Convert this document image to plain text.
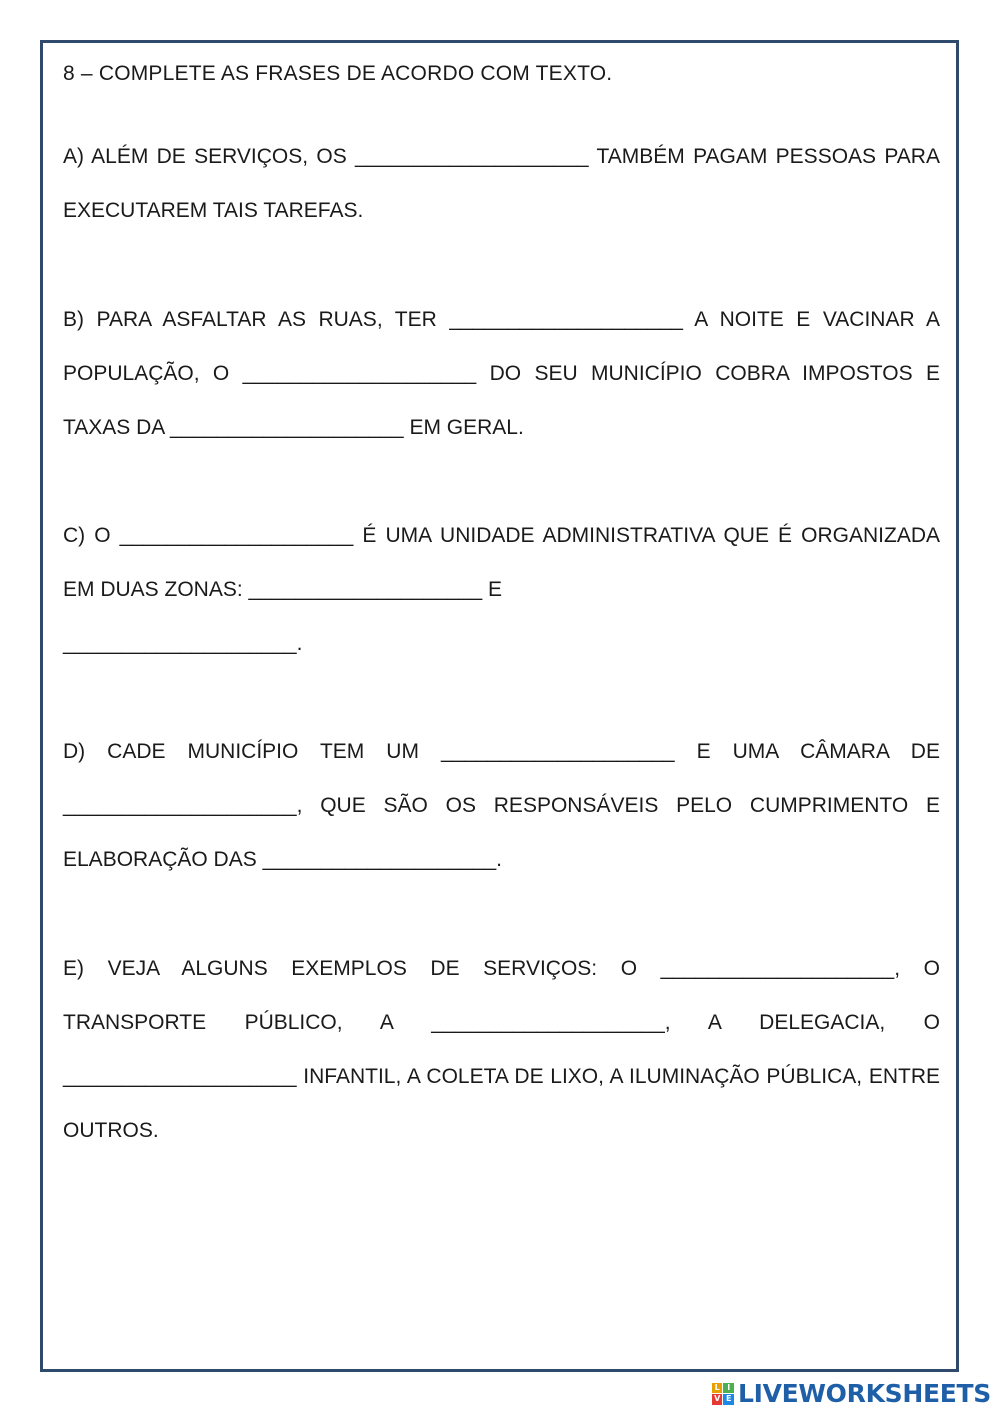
8 – COMPLETE AS FRASES DE ACORDO COM TEXTO.
A) ALÉM DE SERVIÇOS, OS ____________________ TAMBÉM PAGAM PESSOAS PARA EXECUTAREM TAIS TAREFAS.
B) PARA ASFALTAR AS RUAS, TER ____________________ A NOITE E VACINAR A POPULAÇÃO, O ____________________ DO SEU MUNICÍPIO COBRA IMPOSTOS E TAXAS DA ____________________ EM GERAL.
C) O ____________________ É UMA UNIDADE ADMINISTRATIVA QUE É ORGANIZADA EM DUAS ZONAS: ____________________ E
____________________.
D) CADE MUNICÍPIO TEM UM ____________________ E UMA CÂMARA DE ____________________, QUE SÃO OS RESPONSÁVEIS PELO CUMPRIMENTO E ELABORAÇÃO DAS ____________________.
E) VEJA ALGUNS EXEMPLOS DE SERVIÇOS: O ____________________, O TRANSPORTE PÚBLICO, A ____________________, A DELEGACIA, O ____________________ INFANTIL, A COLETA DE LIXO, A ILUMINAÇÃO PÚBLICA, ENTRE OUTROS.
L I
V E LIVEWORKSHEETS
